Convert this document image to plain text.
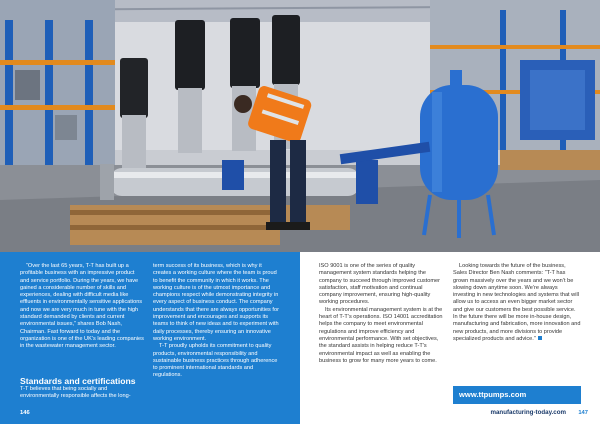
“Over the last 65 years, T-T has built up a profitable business with an impressive product and service portfolio. During the years, we have gained a considerable number of skills and experiences, dealing with difficult media like effluents in environmentally sensitive applications and now we are very much in tune with the high standard demanded by clients and current environmental issues,” shares Bob Nash, Chairman. Fast forward to today and the organization is one of the UK’s leading companies in the wastewater management sector.

Standards and certifications
T-T believes that being socially and environmentally responsible affects the long-

term success of its business, which is why it creates a working culture where the team is proud to benefit the community in which it works. The working culture is of the utmost importance and champions respect while demonstrating integrity in every aspect of business conduct. The company understands that there are always opportunities for improvement and encourages and supports its teams to think of new ideas and to experiment with daily processes, thereby ensuring an innovative working environment.

T-T proudly upholds its commitment to quality products, environmental responsibility and sustainable business practices through adherence to prominent international standards and regulations.

ISO 9001 is one of the series of quality management system standards helping the company to succeed through improved customer satisfaction, staff motivation and continual company improvement, ensuring high-quality working procedures.

Its environmental management system is at the heart of T-T’s operations. ISO 14001 accreditation helps the company to meet environmental regulations and improve efficiency and environmental performance. With set objectives, the standard assists in helping reduce T-T’s environmental impact as well as enabling the business to grow for many more years to come.

Looking towards the future of the business, Sales Director Ben Nash comments: “T-T has grown massively over the years and we won’t be slowing down anytime soon. We’re always investing in new technologies and systems that will allow us to access an even bigger market sector and give our customers the best possible service. In the future there will be more in-house design, manufacturing and fabrication, more innovation and new products, and more divisions to provide specialized products and advice.”

www.ttpumps.com
146	manufacturing-today.com 147
